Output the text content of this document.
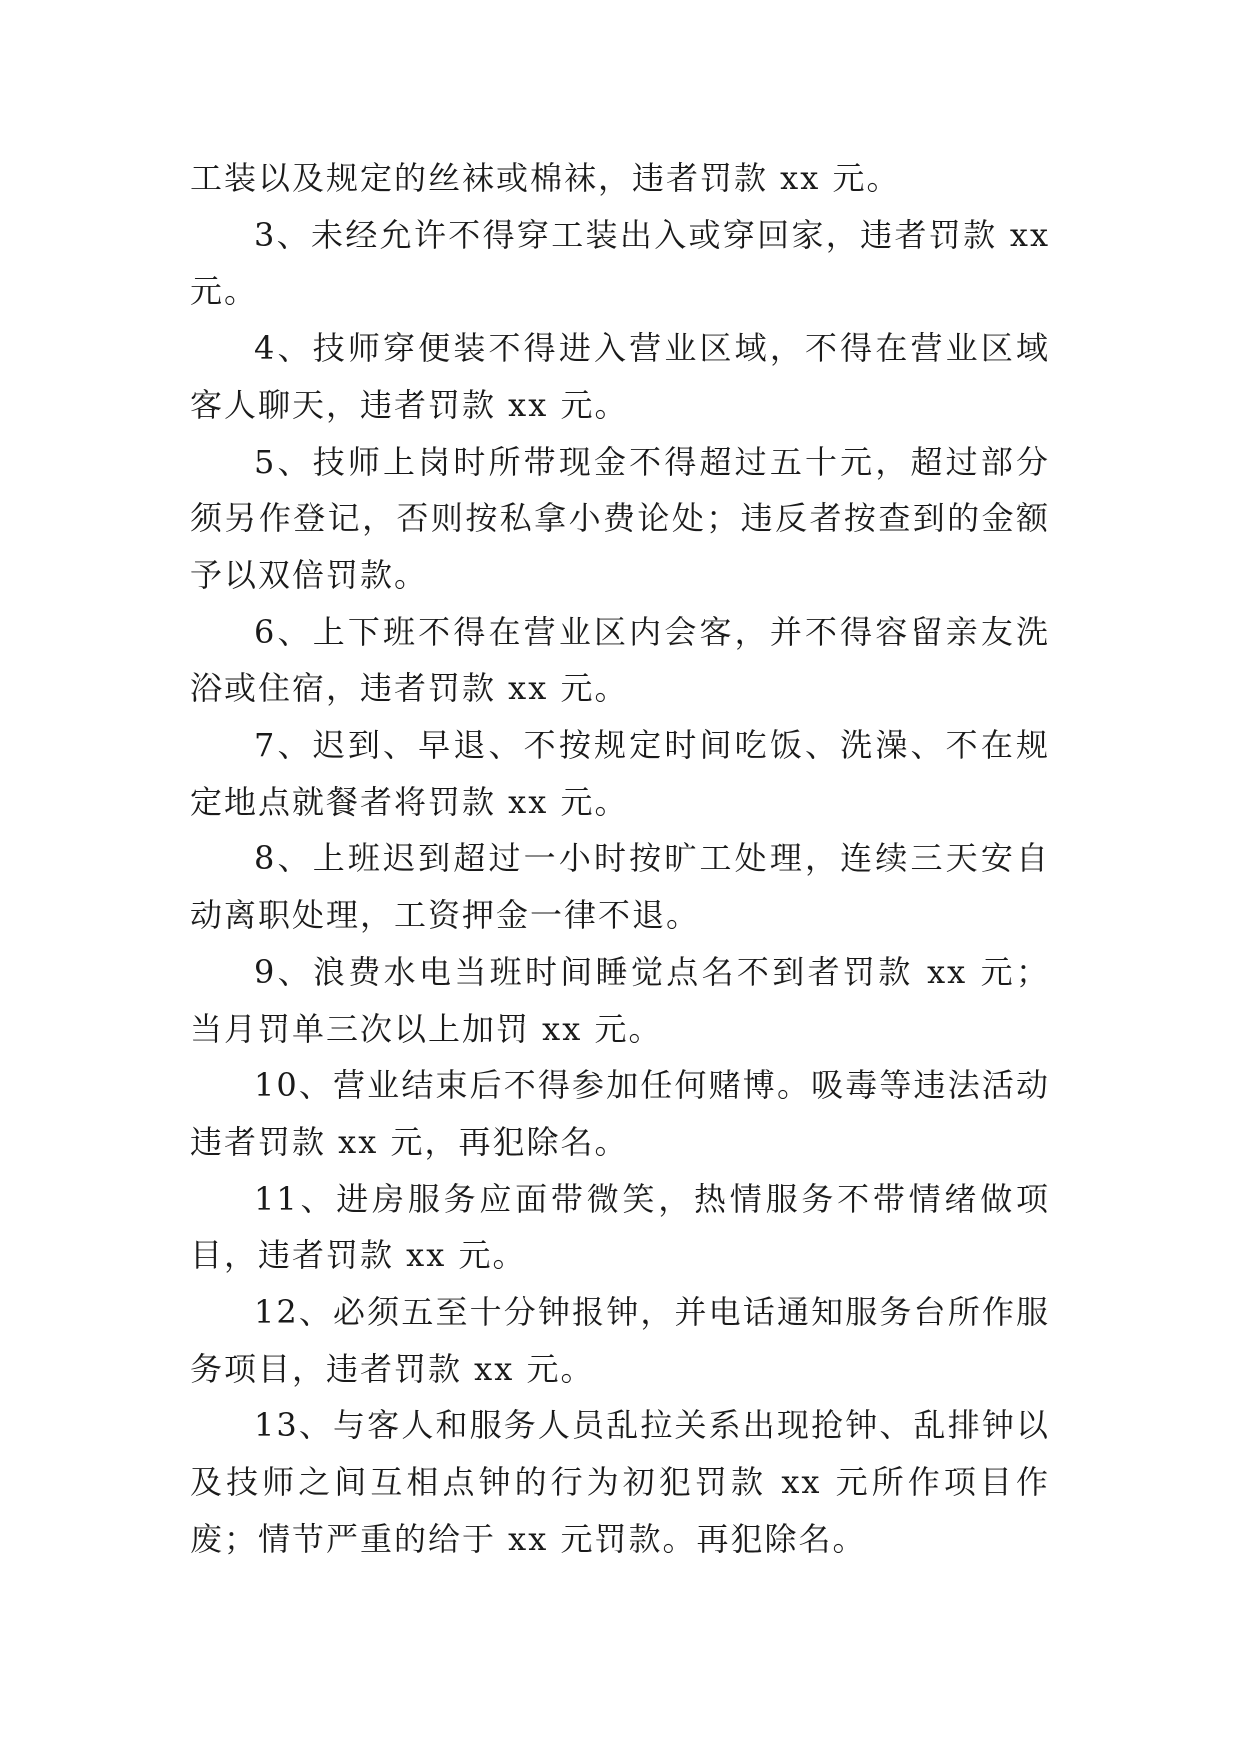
工装以及规定的丝袜或棉袜，违者罚款 xx 元。

3、未经允许不得穿工装出入或穿回家，违者罚款 xx 元。

4、技师穿便装不得进入营业区域，不得在营业区域客人聊天，违者罚款 xx 元。

5、技师上岗时所带现金不得超过五十元，超过部分须另作登记，否则按私拿小费论处；违反者按查到的金额予以双倍罚款。

6、上下班不得在营业区内会客，并不得容留亲友洗浴或住宿，违者罚款 xx 元。

7、迟到、早退、不按规定时间吃饭、洗澡、不在规定地点就餐者将罚款 xx 元。

8、上班迟到超过一小时按旷工处理，连续三天安自动离职处理，工资押金一律不退。

9、浪费水电当班时间睡觉点名不到者罚款 xx 元；当月罚单三次以上加罚 xx 元。

10、营业结束后不得参加任何赌博。吸毒等违法活动违者罚款 xx 元，再犯除名。

11、进房服务应面带微笑，热情服务不带情绪做项目，违者罚款 xx 元。

12、必须五至十分钟报钟，并电话通知服务台所作服务项目，违者罚款 xx 元。

13、与客人和服务人员乱拉关系出现抢钟、乱排钟以及技师之间互相点钟的行为初犯罚款 xx 元所作项目作废；情节严重的给于 xx 元罚款。再犯除名。
